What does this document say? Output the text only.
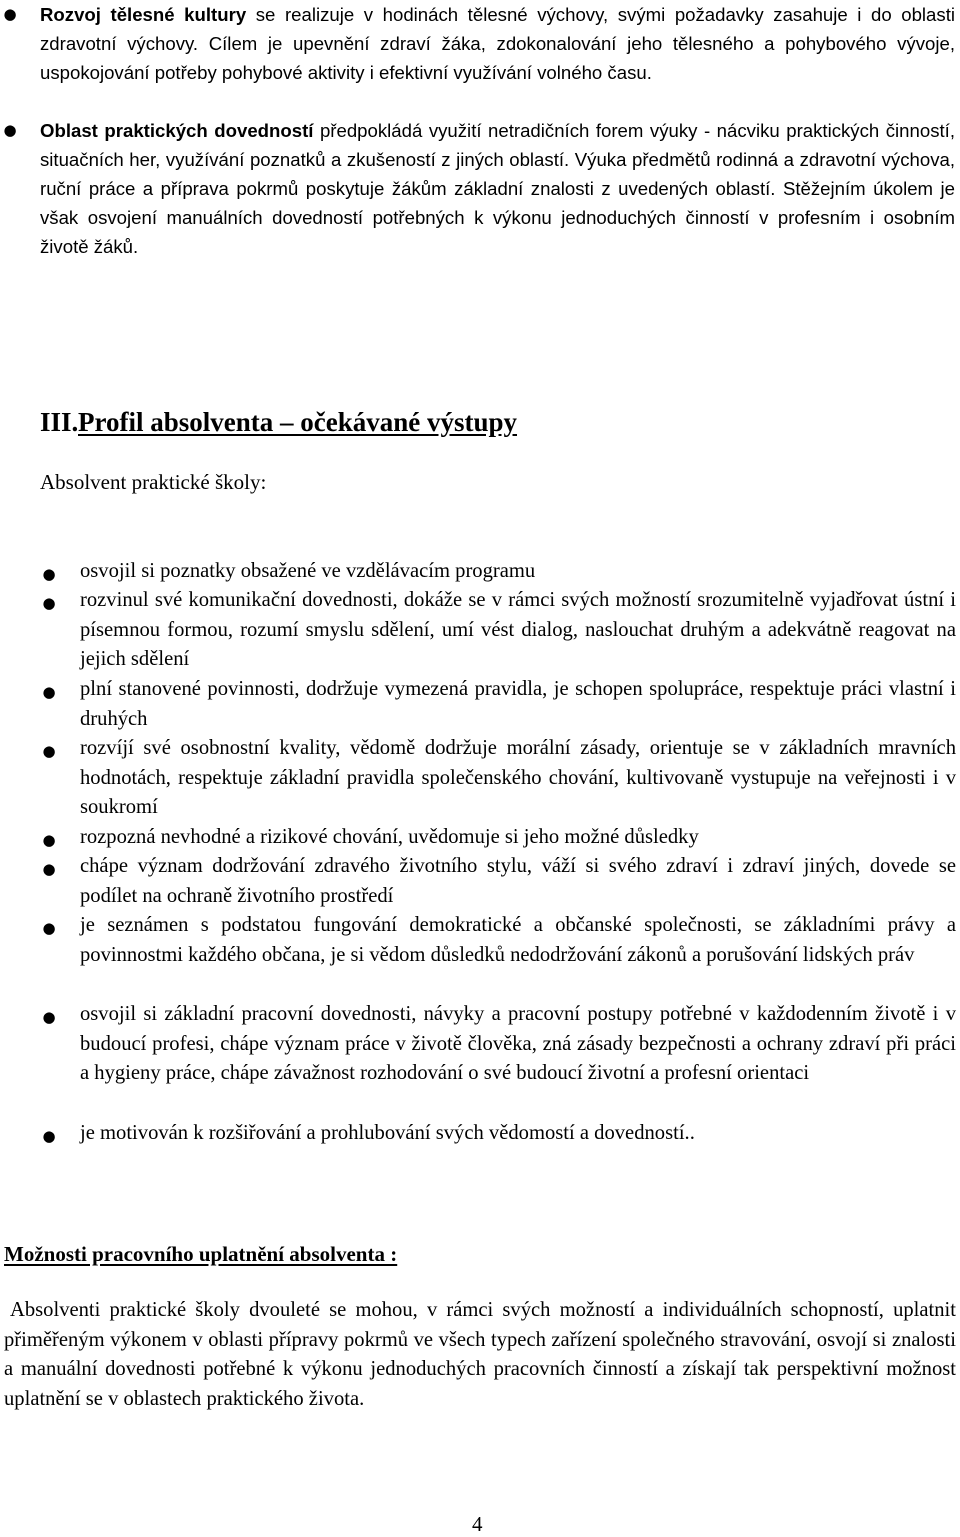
● Rozvoj tělesné kultury se realizuje v hodinách tělesné výchovy, svými požadavky zasahuje i do oblasti zdravotní výchovy. Cílem je upevnění zdraví žáka, zdokonalování jeho tělesného a pohybového vývoje, uspokojování potřeby pohybové aktivity i efektivní využívání volného času.

● Oblast praktických dovedností předpokládá využití netradičních forem výuky - nácviku praktických činností, situačních her, využívání poznatků a zkušeností z jiných oblastí. Výuka předmětů rodinná a zdravotní výchova, ruční práce a příprava pokrmů poskytuje žákům základní znalosti z uvedených oblastí. Stěžejním úkolem je však osvojení manuálních dovedností potřebných k výkonu jednoduchých činností v profesním i osobním životě žáků.

III.Profil absolventa – očekávané výstupy

Absolvent praktické školy:

● osvojil si poznatky obsažené ve vzdělávacím programu

● rozvinul své komunikační dovednosti, dokáže se v rámci svých možností srozumitelně vyjadřovat ústní i písemnou formou, rozumí smyslu sdělení, umí vést dialog, naslouchat druhým a adekvátně reagovat na jejich sdělení

● plní stanovené povinnosti, dodržuje vymezená pravidla, je schopen spolupráce, respektuje práci vlastní i druhých

● rozvíjí své osobnostní kvality, vědomě dodržuje morální zásady, orientuje se v základních mravních hodnotách, respektuje základní pravidla společenského chování, kultivovaně vystupuje na veřejnosti i v soukromí

● rozpozná nevhodné a rizikové chování, uvědomuje si jeho možné důsledky

● chápe význam dodržování zdravého životního stylu, váží si svého zdraví i zdraví jiných, dovede se podílet na ochraně životního prostředí

● je seznámen s podstatou fungování demokratické a občanské společnosti, se základními právy a povinnostmi každého občana, je si vědom důsledků nedodržování zákonů a porušování lidských práv

● osvojil si základní pracovní dovednosti, návyky a pracovní postupy potřebné v každodenním životě i v budoucí profesi, chápe význam práce v životě člověka, zná zásady bezpečnosti a ochrany zdraví při práci a hygieny práce, chápe závažnost rozhodování o své budoucí životní a profesní orientaci

● je motivován k rozšiřování a prohlubování svých vědomostí a dovedností..

Možnosti pracovního uplatnění absolventa :

Absolventi praktické školy dvouleté se mohou, v rámci svých možností a individuálních schopností, uplatnit přiměřeným výkonem v oblasti přípravy pokrmů ve všech typech zařízení společného stravování, osvojí si znalosti a manuální dovednosti potřebné k výkonu jednoduchých pracovních činností a získají tak perspektivní možnost uplatnění se v oblastech praktického života.

4
